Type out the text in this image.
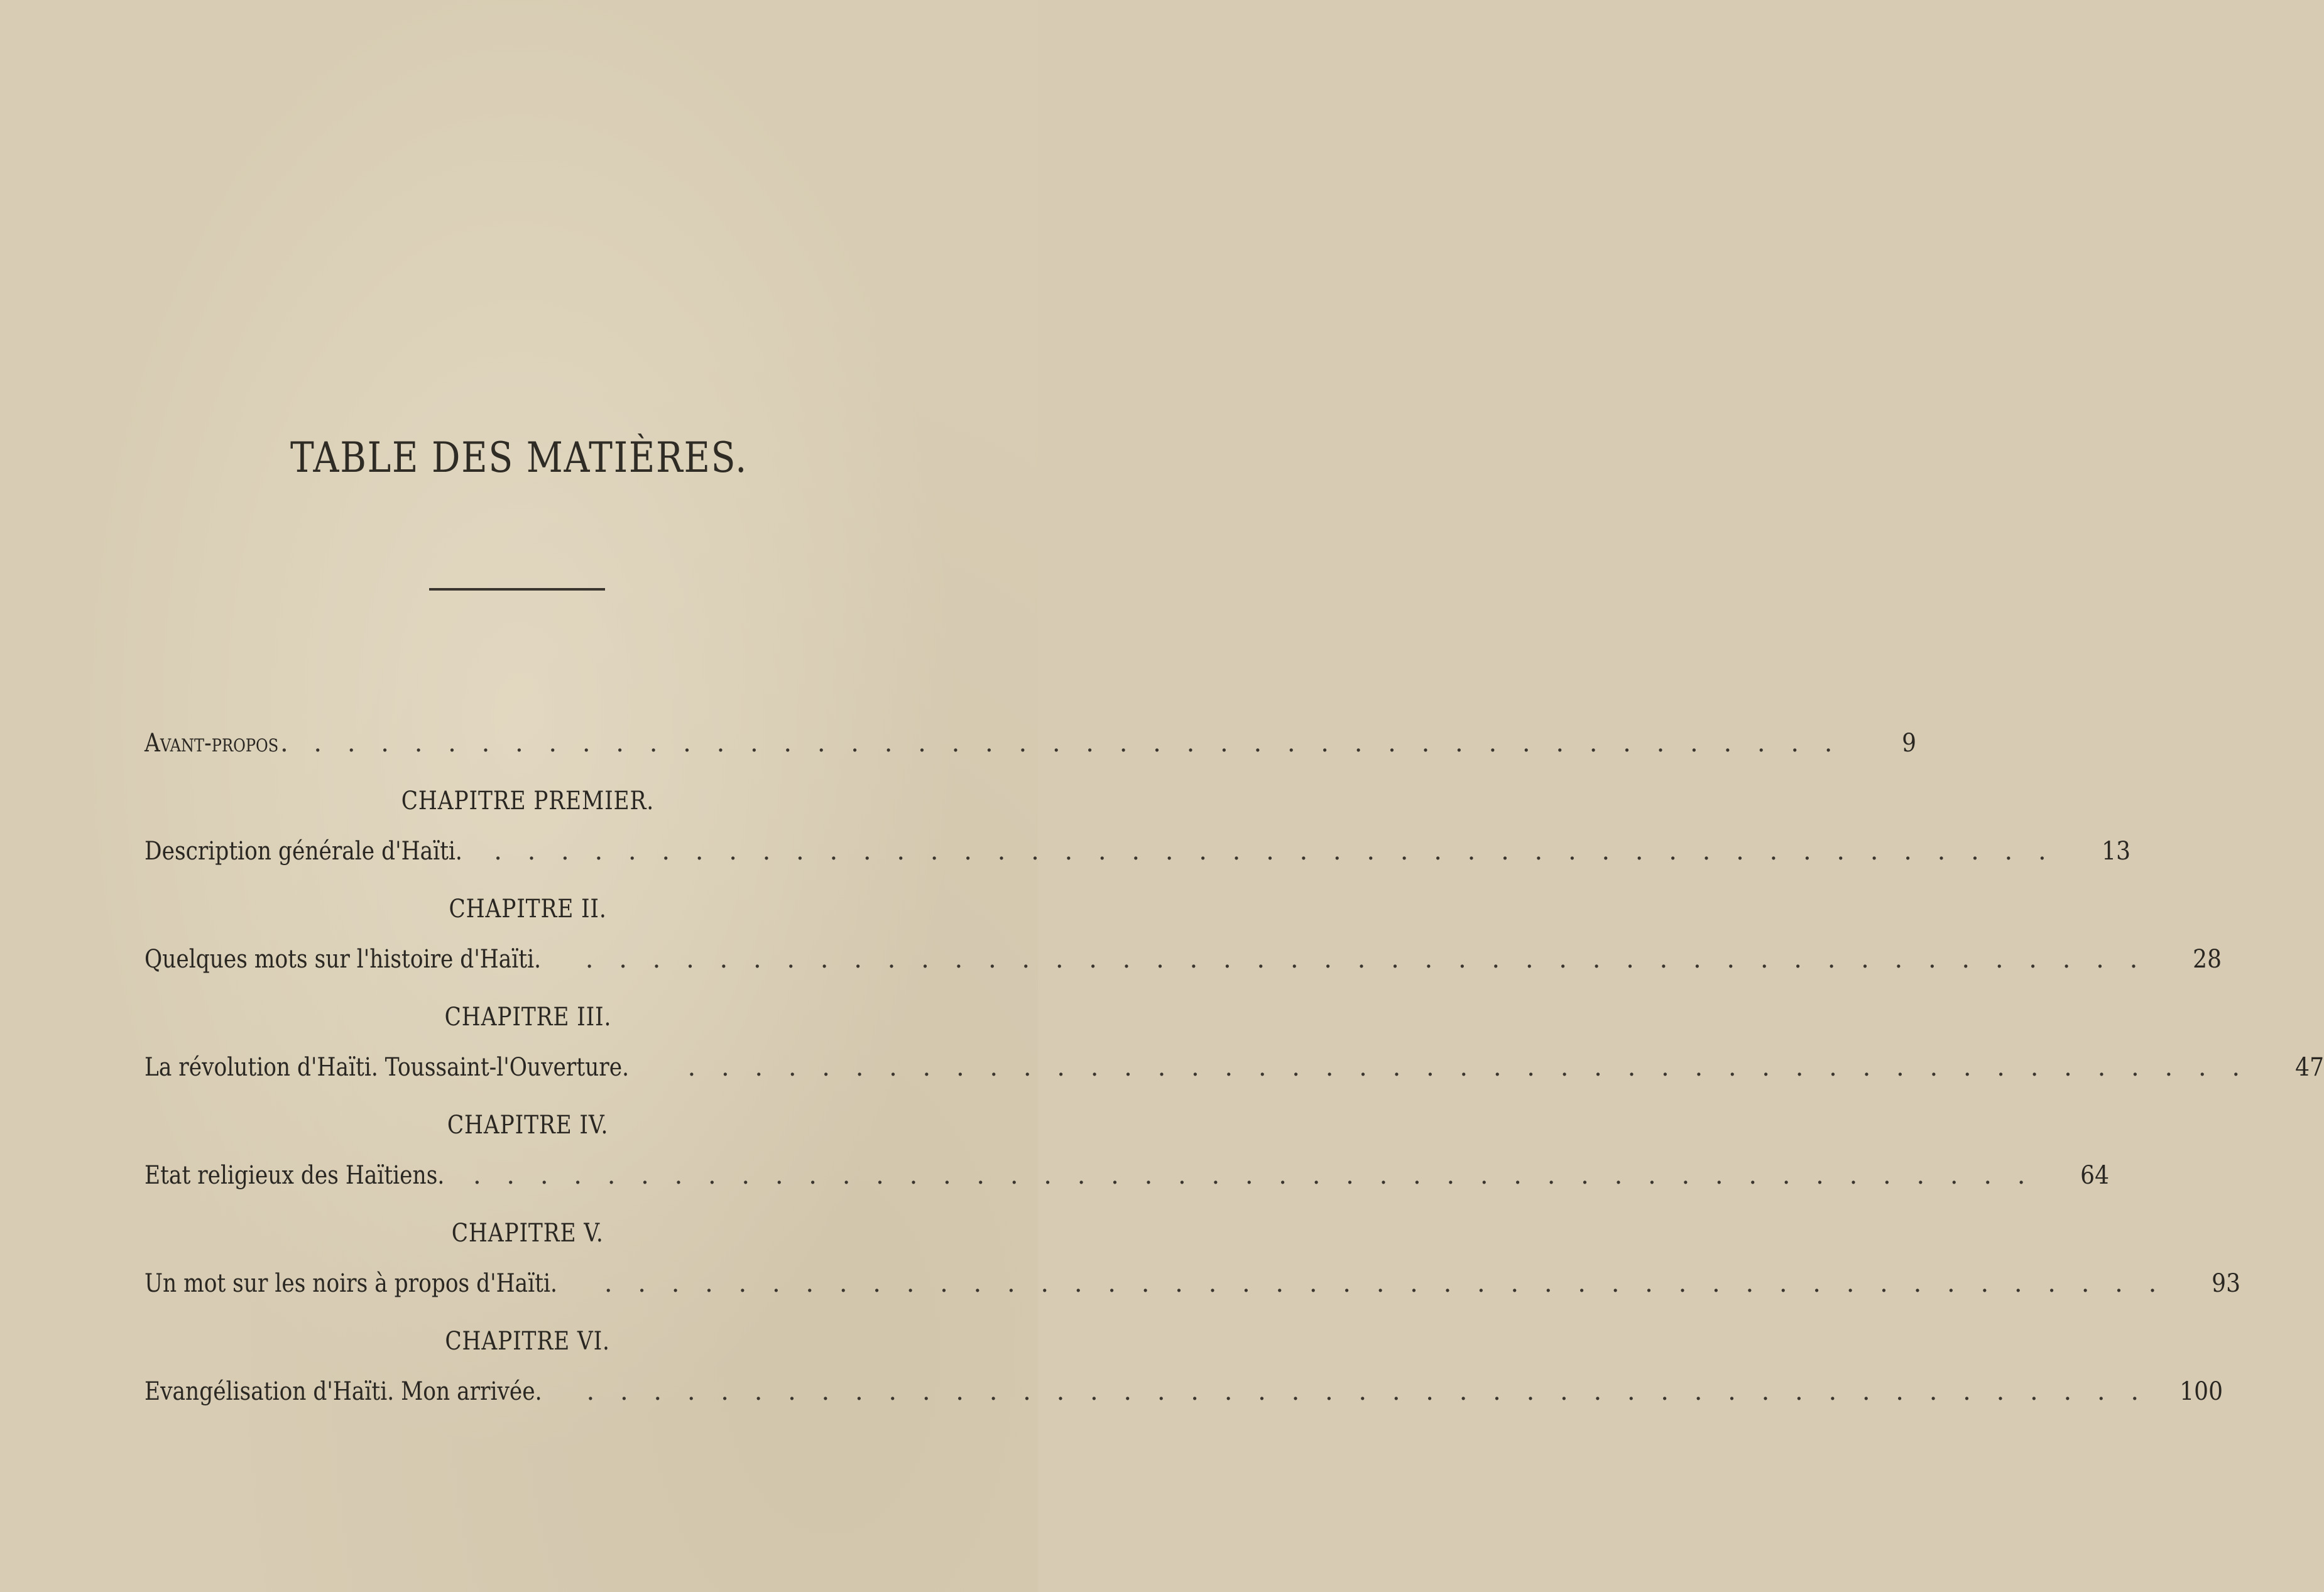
TABLE DES MATIÈRES.
Avant-propos . . . . . . . . . . . . . . . . . . . . . . . . . . . . . . . . . . . . . . . . . . . . . . .	9
CHAPITRE PREMIER.
Description générale d'Haïti. . . . . . . . . . . . . . . . . . . . . . . . . . . . . . . . . . . . . . . . . . . . . . . .	13
CHAPITRE II.
Quelques mots sur l'histoire d'Haïti. . . . . . . . . . . . . . . . . . . . . . . . . . . . . . . . . . . . . . . . . . . . . . . .	28
CHAPITRE III.
La révolution d'Haïti. Toussaint-l'Ouverture. . . . . . . . . . . . . . . . . . . . . . . . . . . . . . . . . . . . . . . . . . . . . . . .	47
CHAPITRE IV.
Etat religieux des Haïtiens. . . . . . . . . . . . . . . . . . . . . . . . . . . . . . . . . . . . . . . . . . . . . . . .	64
CHAPITRE V.
Un mot sur les noirs à propos d'Haïti. . . . . . . . . . . . . . . . . . . . . . . . . . . . . . . . . . . . . . . . . . . . . . . .	93
CHAPITRE VI.
Evangélisation d'Haïti. Mon arrivée. . . . . . . . . . . . . . . . . . . . . . . . . . . . . . . . . . . . . . . . . . . . . . . . 100
